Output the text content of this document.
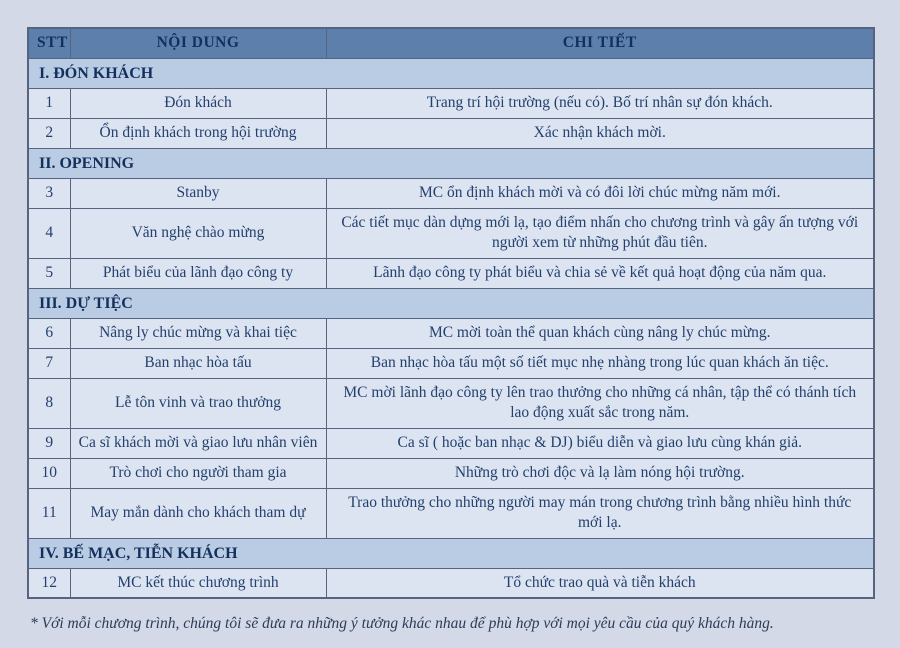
STT	NỘI DUNG	CHI TIẾT
I. ĐÓN KHÁCH		
1	Đón khách	Trang trí hội trường (nếu có). Bố trí nhân sự đón khách.
2	Ổn định khách trong hội trường	Xác nhận khách mời.
II. OPENING		
3	Stanby	MC ổn định khách mời và có đôi lời chúc mừng năm mới.
4	Văn nghệ chào mừng	Các tiết mục dàn dựng mới lạ, tạo điểm nhấn cho chương trình và gây ấn tượng với người xem từ những phút đầu tiên.
5	Phát biểu của lãnh đạo công ty	Lãnh đạo công ty phát biểu và chia sẻ về kết quả hoạt động của năm qua.
III. DỰ TIỆC		
6	Nâng ly chúc mừng và khai tiệc	MC mời toàn thể quan khách cùng nâng ly chúc mừng.
7	Ban nhạc hòa tấu	Ban nhạc hòa tấu một số tiết mục nhẹ nhàng trong lúc quan khách ăn tiệc.
8	Lễ tôn vinh và trao thưởng	MC mời lãnh đạo công ty lên trao thưởng cho những cá nhân, tập thể có thánh tích lao động xuất sắc trong năm.
9	Ca sĩ khách mời và giao lưu nhân viên	Ca sĩ ( hoặc ban nhạc & DJ) biểu diễn và giao lưu cùng khán giả.
10	Trò chơi cho người tham gia	Những trò chơi độc và lạ làm nóng hội trường.
11	May mắn dành cho khách tham dự	Trao thưởng cho những người may mán trong chương trình bằng nhiều hình thức mới lạ.
IV. BẾ MẠC, TIỄN KHÁCH		
12	MC kết thúc chương trình	Tổ chức trao quà và tiễn khách

* Với mỗi chương trình, chúng tôi sẽ đưa ra những ý tưởng khác nhau để phù hợp với mọi yêu cầu của quý khách hàng.
